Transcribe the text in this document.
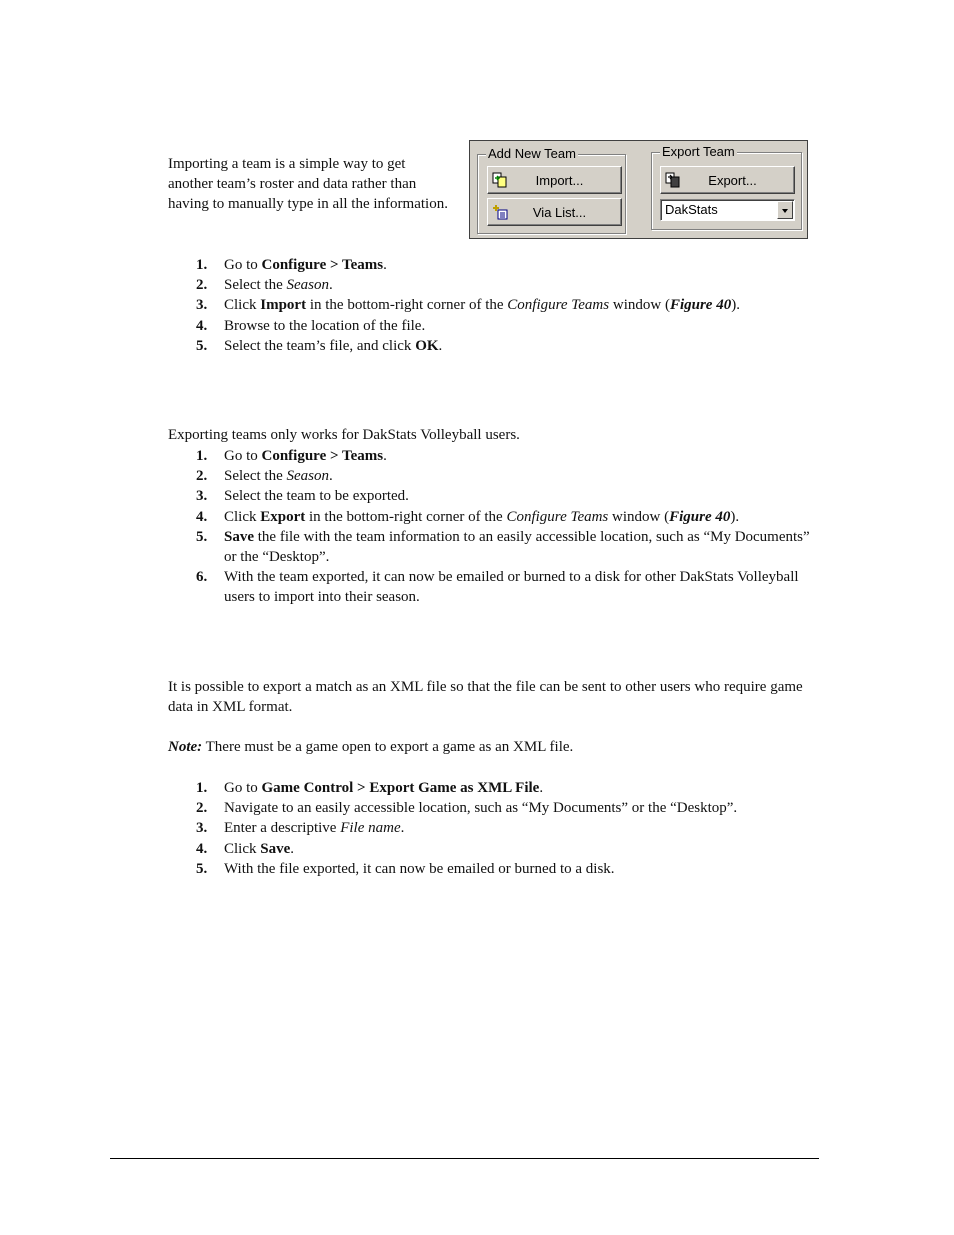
Importing a team is a simple way to get another team’s roster and data rather than having to manually type in all the information.

Add New Team
Import...
Via List...
Export Team
Export...
DakStats
1. Go to Configure > Teams.
2. Select the Season.
3. Click Import in the bottom-right corner of the Configure Teams window (Figure 40).
4. Browse to the location of the file.
5. Select the team’s file, and click OK.

Exporting teams only works for DakStats Volleyball users.

1. Go to Configure > Teams.
2. Select the Season.
3. Select the team to be exported.
4. Click Export in the bottom-right corner of the Configure Teams window (Figure 40).
5. Save the file with the team information to an easily accessible location, such as “My Documents” or the “Desktop”.
6. With the team exported, it can now be emailed or burned to a disk for other DakStats Volleyball users to import into their season.

It is possible to export a match as an XML file so that the file can be sent to other users who require game data in XML format.

Note: There must be a game open to export a game as an XML file.

1. Go to Game Control > Export Game as XML File.
2. Navigate to an easily accessible location, such as “My Documents” or the “Desktop”.
3. Enter a descriptive File name.
4. Click Save.
5. With the file exported, it can now be emailed or burned to a disk.
